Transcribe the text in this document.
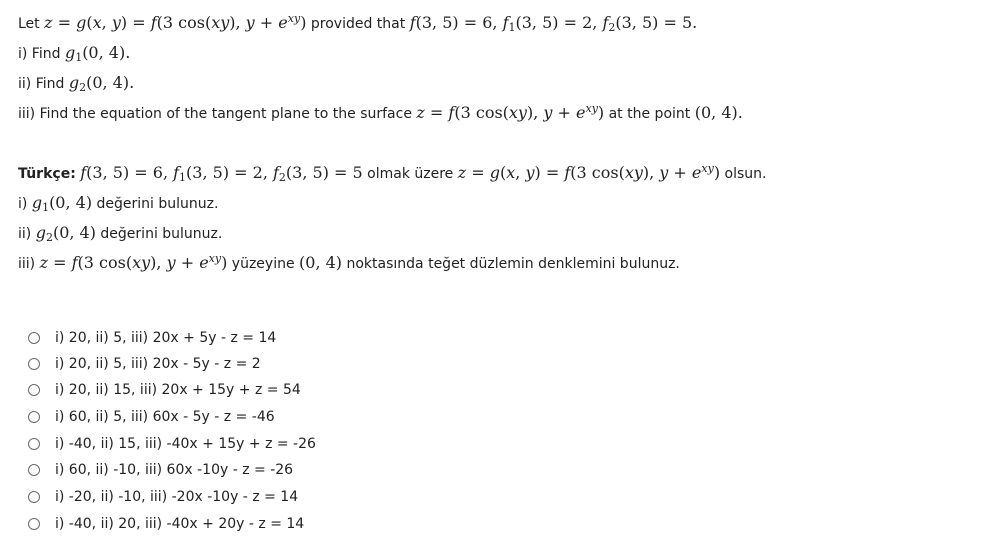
Let z = g(x, y) = f(3 cos(xy), $y + e^{xy}$) provided that f(3, 5) = 6, $f_1(3$, 5) = 2, $f_2(3$, 5) = 5.
i) Find $g_1(0$, 4).
ii) Find $g_2(0$, 4).
iii) Find the equation of the tangent plane to the surface z = f(3 cos(xy), $y + e^{xy}$) at the point (0, 4).
Türkçe: f(3, 5) = 6, $f_1(3$, 5) = 2, $f_2(3$, 5) = 5 olmak üzere z = g(x, y) = f(3 cos(xy), $y + e^{xy}$) olsun.
i) $g_1(0$, 4) değerini bulunuz.
ii) $g_2(0$, 4) değerini bulunuz.
iii) z = f(3 cos(xy), $y + e^{xy}$) yüzeyine (0, 4) noktasında teğet düzlemin denklemini bulunuz.
i) 20, ii) 5, iii) 20x + 5y - z = 14
i) 20, ii) 5, iii) 20x - 5y - z = 2
i) 20, ii) 15, iii) 20x + 15y + z = 54
i) 60, ii) 5, iii) 60x - 5y - z = -46
i) -40, ii) 15, iii) -40x + 15y + z = -26
i) 60, ii) -10, iii) 60x -10y - z = -26
i) -20, ii) -10, iii) -20x -10y - z = 14
i) -40, ii) 20, iii) -40x + 20y - z = 14
